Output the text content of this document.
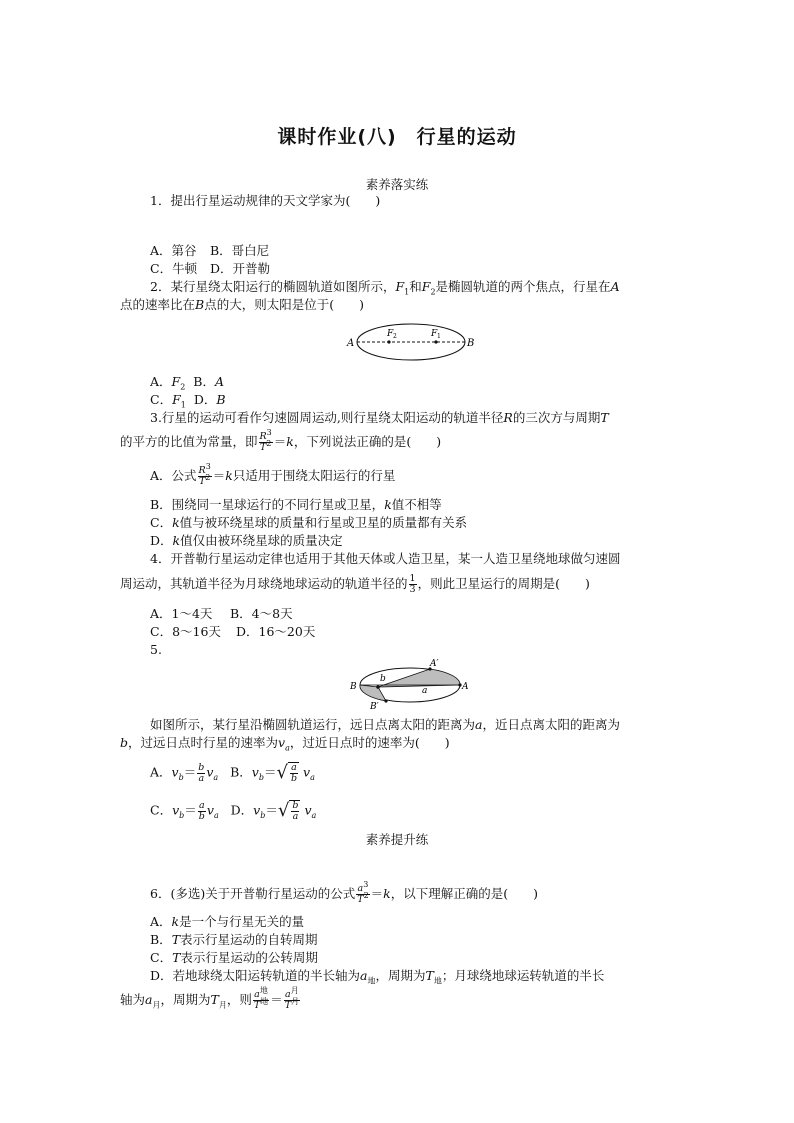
课时作业(八)　行星的运动
素养落实练
1．提出行星运动规律的天文学家为(　　)
A．第谷 B．哥白尼
C．牛顿 D．开普勒
2．某行星绕太阳运行的椭圆轨道如图所示，$F_1$和$F_2$是椭圆轨道的两个焦点，行星在A
点的速率比在B点的大，则太阳是位于(　　)
A	B
F 2	F 1
A．$F_2$ B．A
C．$F_1$ D．B
3.行星的运动可看作匀速圆周运动,则行星绕太阳运动的轨道半径R的三次方与周期T
的平方的比值为常量，即 $\frac{R^3}{T^2} =k$，下列说法正确的是(　　)
A．公式 $\frac{R^3}{T^2} =k$只适用于围绕太阳运行的行星
B．围绕同一星球运行的不同行星或卫星，k值不相等
C．k值与被环绕星球的质量和行星或卫星的质量都有关系
D．k值仅由被环绕星球的质量决定
4．开普勒行星运动定律也适用于其他天体或人造卫星，某一人造卫星绕地球做匀速圆
周运动，其轨道半径为月球绕地球运动的轨道半径的 $\frac{1}{3}$ ，则此卫星运行的周期是(　　)
A．1～4天 B．4～8天
C．8～16天 D．16～20天
5.
B	A
A′
B′
b
a
如图所示，某行星沿椭圆轨道运行，远日点离太阳的距离为a，近日点离太阳的距离为
b，过远日点时行星的速率为$v_a$，过近日点时的速率为(　　)
A．$v_b= \frac{b}{a} v_a$ B．$v_b=√ \frac{a}{b} v_a$
C．$v_b= \frac{a}{b} v_a$ D．$v_b=√ \frac{b}{a} v_a$
素养提升练
6．(多选)关于开普勒行星运动的公式 $\frac{a^3}{T^2} =k$，以下理解正确的是(　　)
A．k是一个与行星无关的量
B．T表示行星运动的自转周期
C．T表示行星运动的公转周期
D．若地球绕太阳运转轨道的半长轴为$a_地$，周期为$T_地$；月球绕地球运转轨道的半长
轴为$a_月$，周期为$T_月$，则 $\frac{a^地}{T^地} = \frac{a^月}{T^月}$
